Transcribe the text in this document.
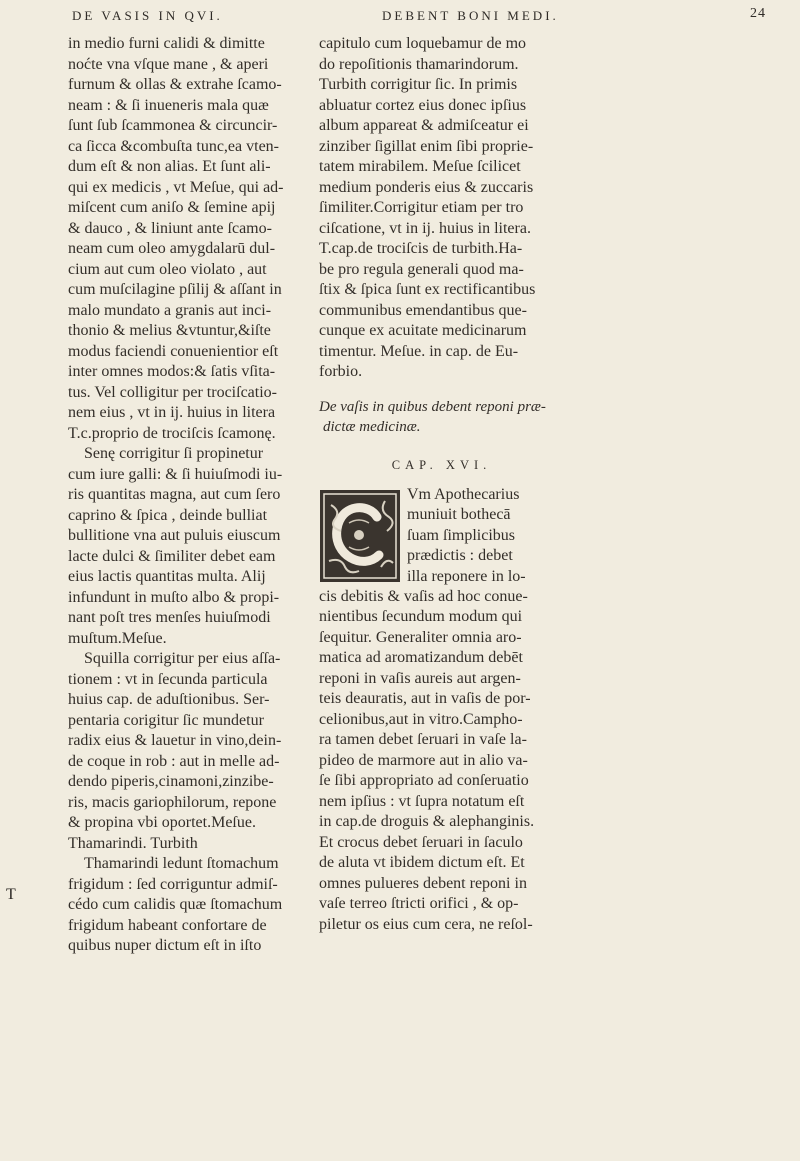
DE VASIS IN QVI.	DEBENT BONI MEDI.	24
in medio furni calidi & dimitte
noćte vna vſque mane , & aperi
furnum & ollas & extrahe ſcamo-
neam : & ſi inueneris mala quæ
ſunt ſub ſcammonea & circuncir-
ca ſicca &combuſta tunc,ea vten-
dum eſt & non alias. Et ſunt ali-
qui ex medicis , vt Meſue, qui ad-
miſcent cum aniſo & ſemine apij
& dauco , & liniunt ante ſcamo-
neam cum oleo amygdalarū dul-
cium aut cum oleo violato , aut
cum muſcilagine pſilij & aſſant in
malo mundato a granis aut inci-
thonio & melius &vtuntur,&iſte
modus faciendi conuenientior eſt
inter omnes modos:& ſatis vſita-
tus. Vel colligitur per trociſcatio-
nem eius , vt in ij. huius in litera
T.c.proprio de trociſcis ſcamonę.
Senę corrigitur ſi propinetur
cum iure galli: & ſi huiuſmodi iu-
ris quantitas magna, aut cum ſero
caprino & ſpica , deinde bulliat
bullitione vna aut puluis eiuscum
lacte dulci & ſimiliter debet eam
eius lactis quantitas multa. Alij
infundunt in muſto albo & propi-
nant poſt tres menſes huiuſmodi
muſtum.Meſue.
Squilla corrigitur per eius aſſa-
tionem : vt in ſecunda particula
huius cap. de aduſtionibus. Ser-
pentaria corigitur ſic mundetur
radix eius & lauetur in vino,dein-
de coque in rob : aut in melle ad-
dendo piperis,cinamoni,zinzibe-
ris, macis gariophilorum, repone
& propina vbi oportet.Meſue.
Thamarindi. Turbith
Thamarindi ledunt ſtomachum
frigidum : ſed corriguntur admiſ-
cédo cum calidis quæ ſtomachum
frigidum habeant confortare de
quibus nuper dictum eſt in iſto
T
capitulo cum loquebamur de mo
do repoſitionis thamarindorum.
Turbith corrigitur ſic. In primis
abluatur cortez eius donec ipſius
album appareat & admiſceatur ei
zinziber ſigillat enim ſibi proprie-
tatem mirabilem. Meſue ſcilicet
medium ponderis eius & zuccaris
ſimiliter.Corrigitur etiam per tro
ciſcatione, vt in ij. huius in litera.
T.cap.de trociſcis de turbith.Ha-
be pro regula generali quod ma-
ſtix & ſpica ſunt ex rectificantibus
communibus emendantibus que-
cunque ex acuitate medicinarum
timentur. Meſue. in cap. de Eu-
forbio.
De vaſis in quibus debent reponi præ-
dictæ medicinæ.
CAP. XVI.
Vm Apothecarius
muniuit bothecā
ſuam ſimplicibus
prædictis : debet
illa reponere in lo-
cis debitis & vaſis ad hoc conue-
nientibus ſecundum modum qui
ſequitur. Generaliter omnia aro-
matica ad aromatizandum debēt
reponi in vaſis aureis aut argen-
teis deauratis, aut in vaſis de por-
celionibus,aut in vitro.Campho-
ra tamen debet ſeruari in vaſe la-
pideo de marmore aut in alio va-
ſe ſibi appropriato ad conſeruatio
nem ipſius : vt ſupra notatum eſt
in cap.de droguis & alephanginis.
Et crocus debet ſeruari in ſaculo
de aluta vt ibidem dictum eſt. Et
omnes pulueres debent reponi in
vaſe terreo ſtricti orifici , & op-
piletur os eius cum cera, ne reſol-
